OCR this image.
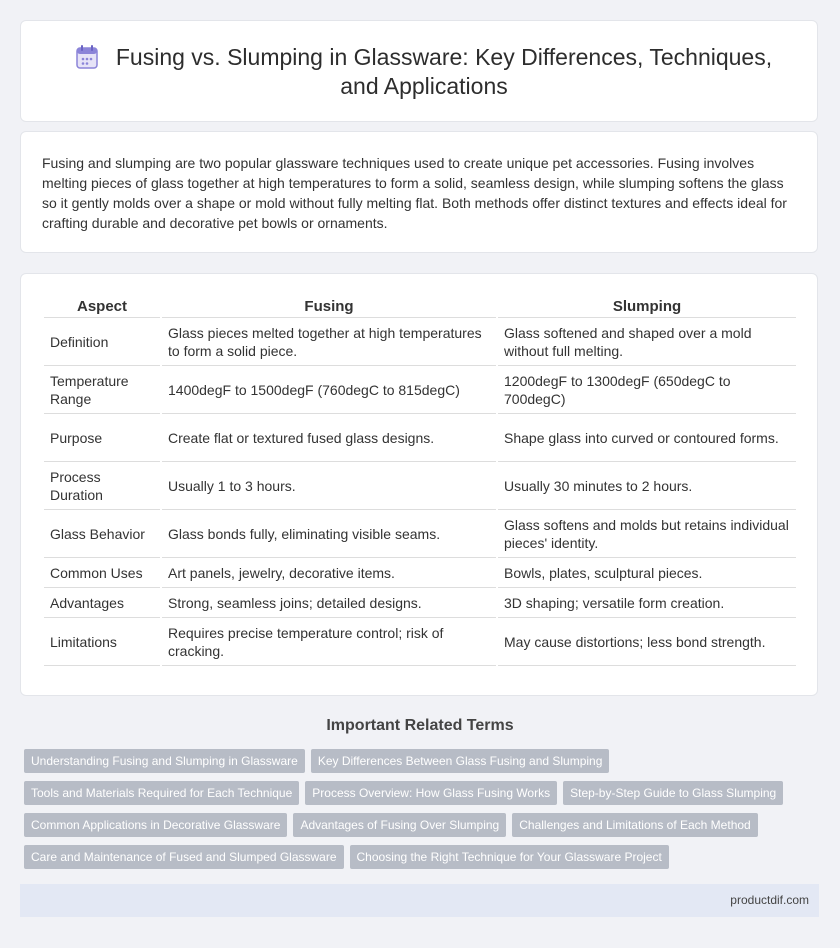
Fusing vs. Slumping in Glassware: Key Differences, Techniques, and Applications

Fusing and slumping are two popular glassware techniques used to create unique pet accessories. Fusing involves melting pieces of glass together at high temperatures to form a solid, seamless design, while slumping softens the glass so it gently molds over a shape or mold without fully melting flat. Both methods offer distinct textures and effects ideal for crafting durable and decorative pet bowls or ornaments.

Aspect	Fusing	Slumping
Definition	Glass pieces melted together at high temperatures to form a solid piece.	Glass softened and shaped over a mold without full melting.
Temperature Range	1400degF to 1500degF (760degC to 815degC)	1200degF to 1300degF (650degC to 700degC)
Purpose	Create flat or textured fused glass designs.	Shape glass into curved or contoured forms.
Process Duration	Usually 1 to 3 hours.	Usually 30 minutes to 2 hours.
Glass Behavior	Glass bonds fully, eliminating visible seams.	Glass softens and molds but retains individual pieces' identity.
Common Uses	Art panels, jewelry, decorative items.	Bowls, plates, sculptural pieces.
Advantages	Strong, seamless joins; detailed designs.	3D shaping; versatile form creation.
Limitations	Requires precise temperature control; risk of cracking.	May cause distortions; less bond strength.
Important Related Terms
Understanding Fusing and Slumping in Glassware Key Differences Between Glass Fusing and Slumping
Tools and Materials Required for Each Technique Process Overview: How Glass Fusing Works Step-by-Step Guide to Glass Slumping
Common Applications in Decorative Glassware Advantages of Fusing Over Slumping Challenges and Limitations of Each Method
Care and Maintenance of Fused and Slumped Glassware Choosing the Right Technique for Your Glassware Project
productdif.com
